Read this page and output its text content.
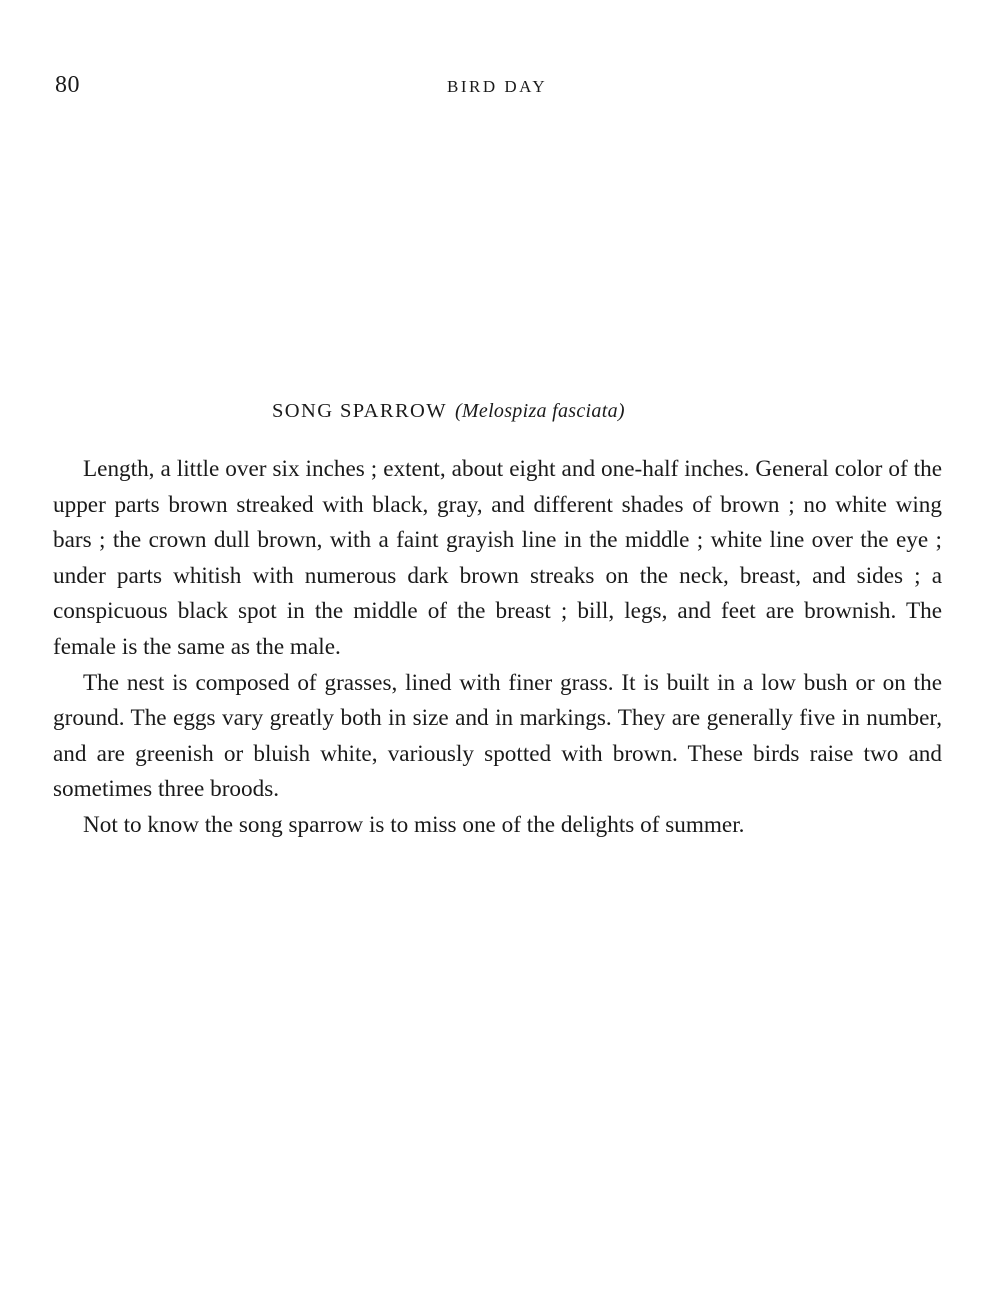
80	BIRD DAY
SONG SPARROW (Melospiza fasciata)

Length, a little over six inches ; extent, about eight and one-half inches. General color of the upper parts brown streaked with black, gray, and different shades of brown ; no white wing bars ; the crown dull brown, with a faint grayish line in the middle ; white line over the eye ; under parts whitish with numerous dark brown streaks on the neck, breast, and sides ; a conspicuous black spot in the middle of the breast ; bill, legs, and feet are brownish. The female is the same as the male.

The nest is composed of grasses, lined with finer grass. It is built in a low bush or on the ground. The eggs vary greatly both in size and in markings. They are generally five in number, and are greenish or bluish white, variously spotted with brown. These birds raise two and sometimes three broods.

Not to know the song sparrow is to miss one of the delights of summer.
